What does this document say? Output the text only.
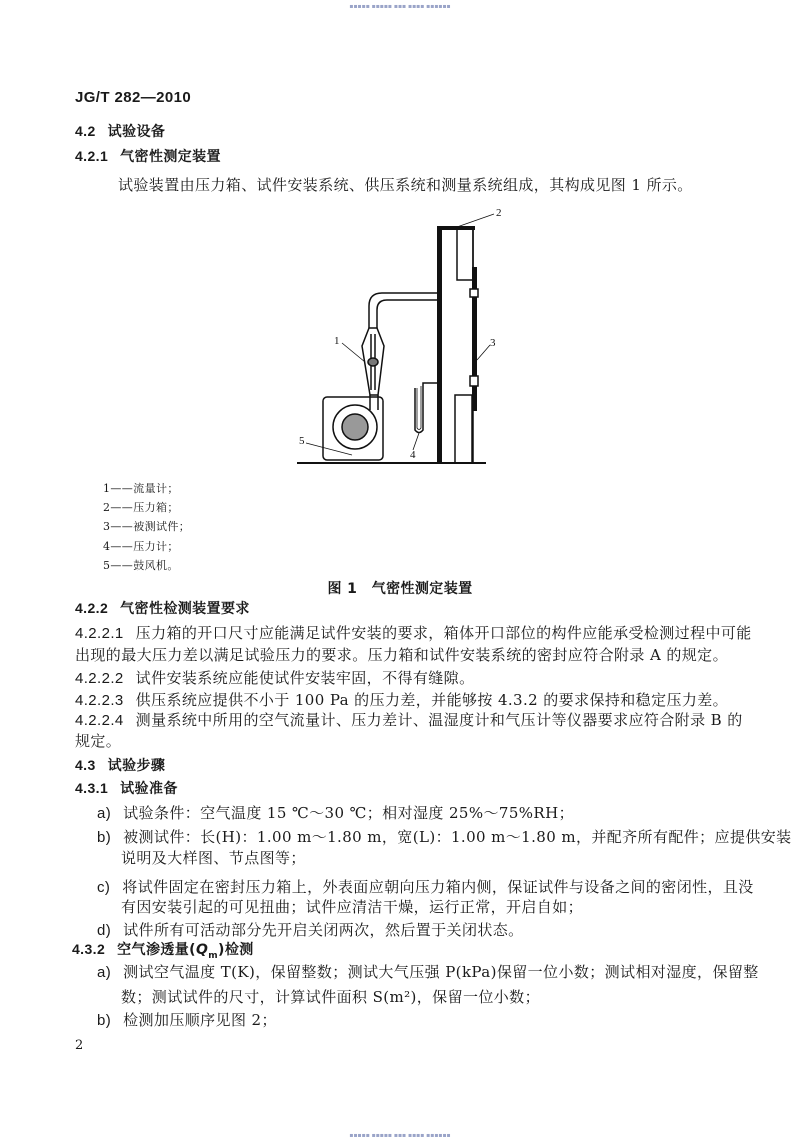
▪▪▪▪▪ ▪▪▪▪▪ ▪▪▪ ▪▪▪▪ ▪▪▪▪▪▪
JG/T 282—2010
4.2 试验设备
4.2.1 气密性测定装置
试验装置由压力箱、试件安装系统、供压系统和测量系统组成，其构成见图 1 所示。
1
2
3
4
5
1——流量计；
2——压力箱；
3——被测试件；
4——压力计；
5——鼓风机。
图 1　气密性测定装置
4.2.2 气密性检测装置要求
4.2.2.1 压力箱的开口尺寸应能满足试件安装的要求，箱体开口部位的构件应能承受检测过程中可能
出现的最大压力差以满足试验压力的要求。压力箱和试件安装系统的密封应符合附录 A 的规定。
4.2.2.2 试件安装系统应能使试件安装牢固，不得有缝隙。
4.2.2.3 供压系统应提供不小于 100 Pa 的压力差，并能够按 4.3.2 的要求保持和稳定压力差。
4.2.2.4 测量系统中所用的空气流量计、压力差计、温湿度计和气压计等仪器要求应符合附录 B 的
规定。
4.3 试验步骤
4.3.1 试验准备
a) 试验条件：空气温度 15 ℃～30 ℃；相对湿度 25%～75%RH；
b) 被测试件：长(H)：1.00 m～1.80 m，宽(L)：1.00 m～1.80 m，并配齐所有配件；应提供安装
说明及大样图、节点图等；
c) 将试件固定在密封压力箱上，外表面应朝向压力箱内侧，保证试件与设备之间的密闭性，且没
有因安装引起的可见扭曲；试件应清洁干燥，运行正常，开启自如；
d) 试件所有可活动部分先开启关闭两次，然后置于关闭状态。
4.3.2 空气渗透量$(Q_m)$检测
a) 测试空气温度 T(K)，保留整数；测试大气压强 P(kPa)保留一位小数；测试相对湿度，保留整
数；测试试件的尺寸，计算试件面积 S(m²)，保留一位小数；
b) 检测加压顺序见图 2；
2
▪▪▪▪▪ ▪▪▪▪▪ ▪▪▪ ▪▪▪▪ ▪▪▪▪▪▪
